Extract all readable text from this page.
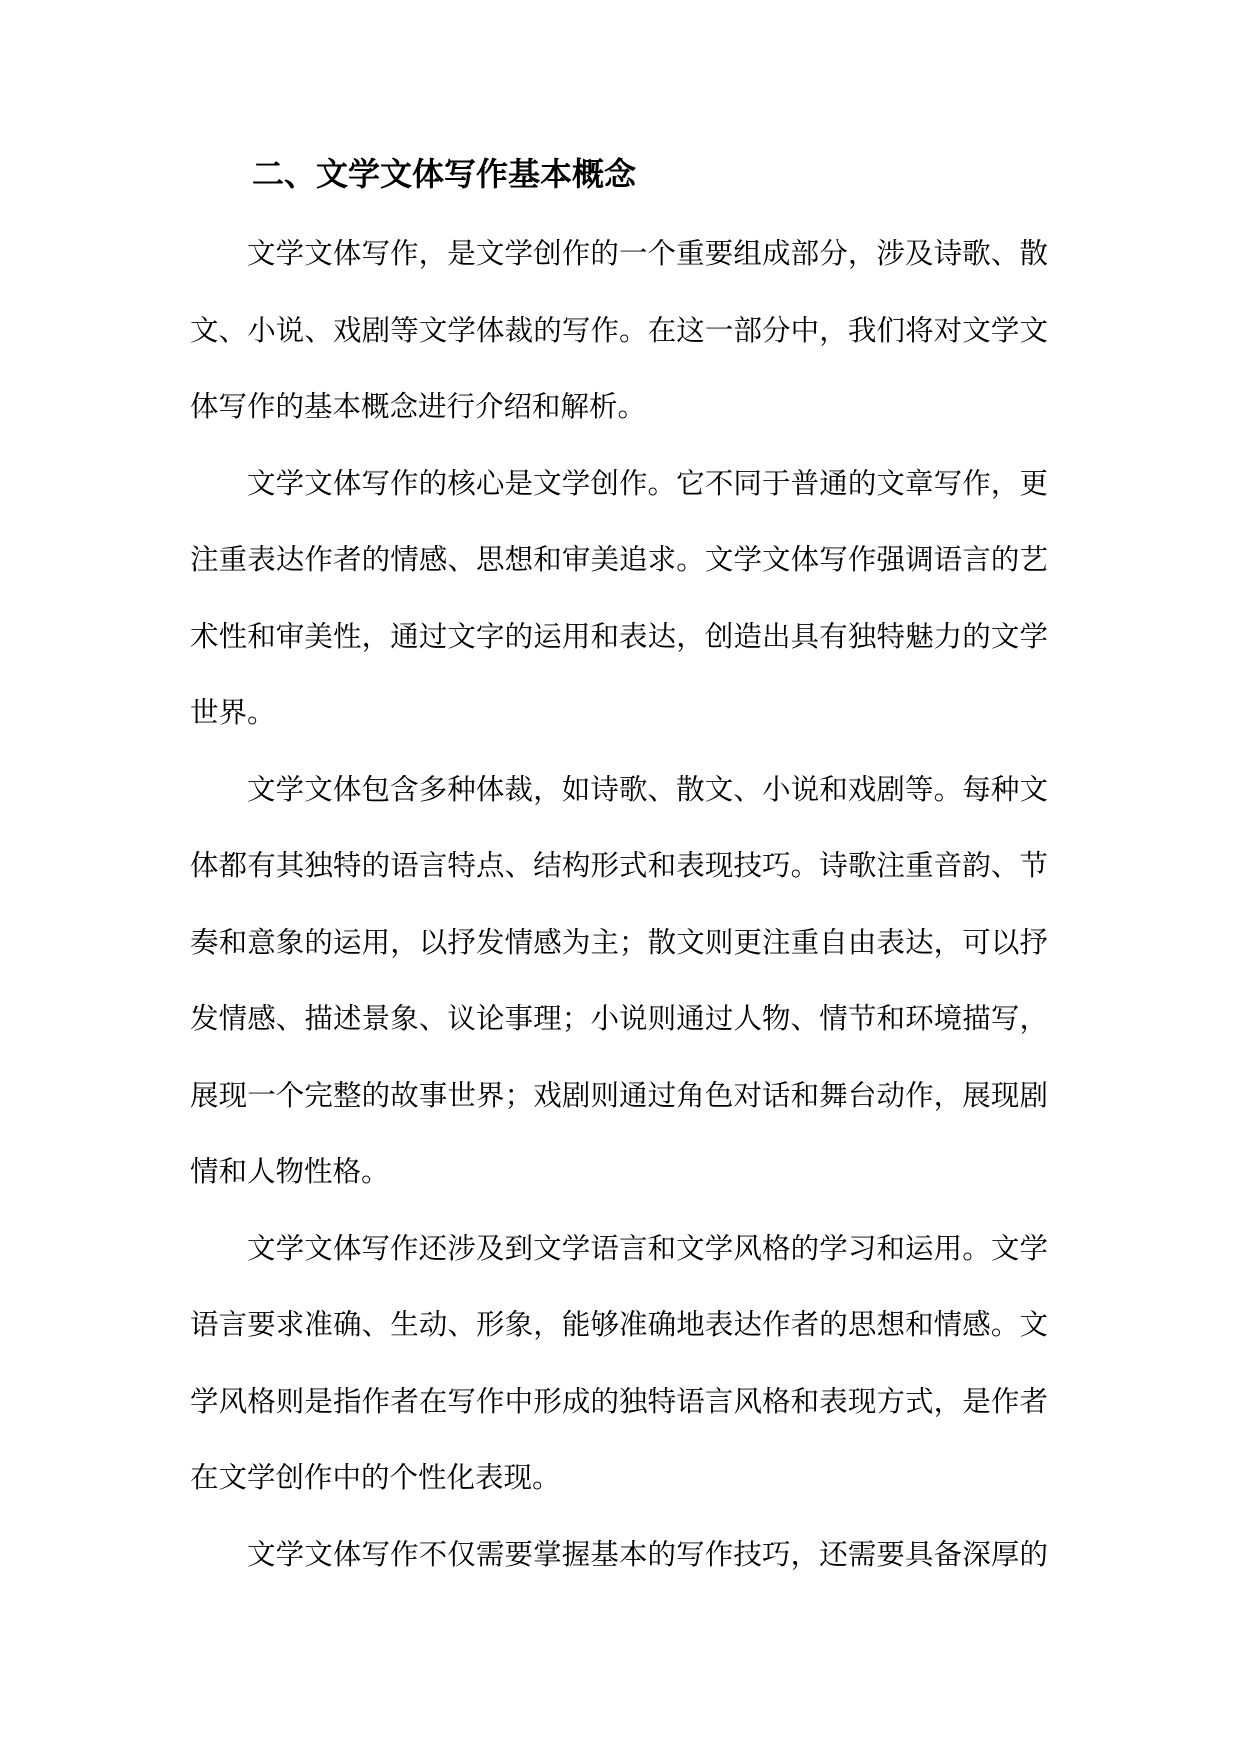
二、文学文体写作基本概念
文学文体写作，是文学创作的一个重要组成部分，涉及诗歌、散
文、小说、戏剧等文学体裁的写作。在这一部分中，我们将对文学文
体写作的基本概念进行介绍和解析。
文学文体写作的核心是文学创作。它不同于普通的文章写作，更
注重表达作者的情感、思想和审美追求。文学文体写作强调语言的艺
术性和审美性，通过文字的运用和表达，创造出具有独特魅力的文学
世界。
文学文体包含多种体裁，如诗歌、散文、小说和戏剧等。每种文
体都有其独特的语言特点、结构形式和表现技巧。诗歌注重音韵、节
奏和意象的运用，以抒发情感为主；散文则更注重自由表达，可以抒
发情感、描述景象、议论事理；小说则通过人物、情节和环境描写，
展现一个完整的故事世界；戏剧则通过角色对话和舞台动作，展现剧
情和人物性格。
文学文体写作还涉及到文学语言和文学风格的学习和运用。文学
语言要求准确、生动、形象，能够准确地表达作者的思想和情感。文
学风格则是指作者在写作中形成的独特语言风格和表现方式，是作者
在文学创作中的个性化表现。
文学文体写作不仅需要掌握基本的写作技巧，还需要具备深厚的
